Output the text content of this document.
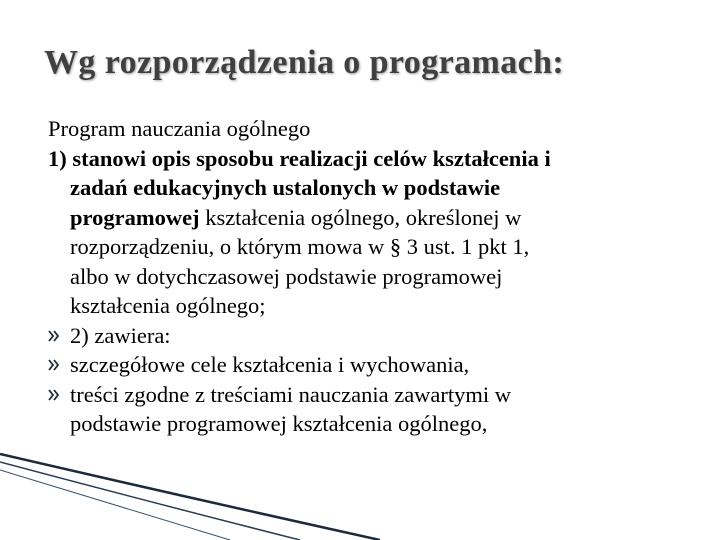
Wg rozporządzenia o programach:
Program nauczania ogólnego
1) stanowi opis sposobu realizacji celów kształcenia i
zadań edukacyjnych ustalonych w podstawie
programowej kształcenia ogólnego, określonej w
rozporządzeniu, o którym mowa w § 3 ust. 1 pkt 1,
albo w dotychczasowej podstawie programowej
kształcenia ogólnego;
2) zawiera:
szczegółowe cele kształcenia i wychowania,
treści zgodne z treściami nauczania zawartymi w
podstawie programowej kształcenia ogólnego,
